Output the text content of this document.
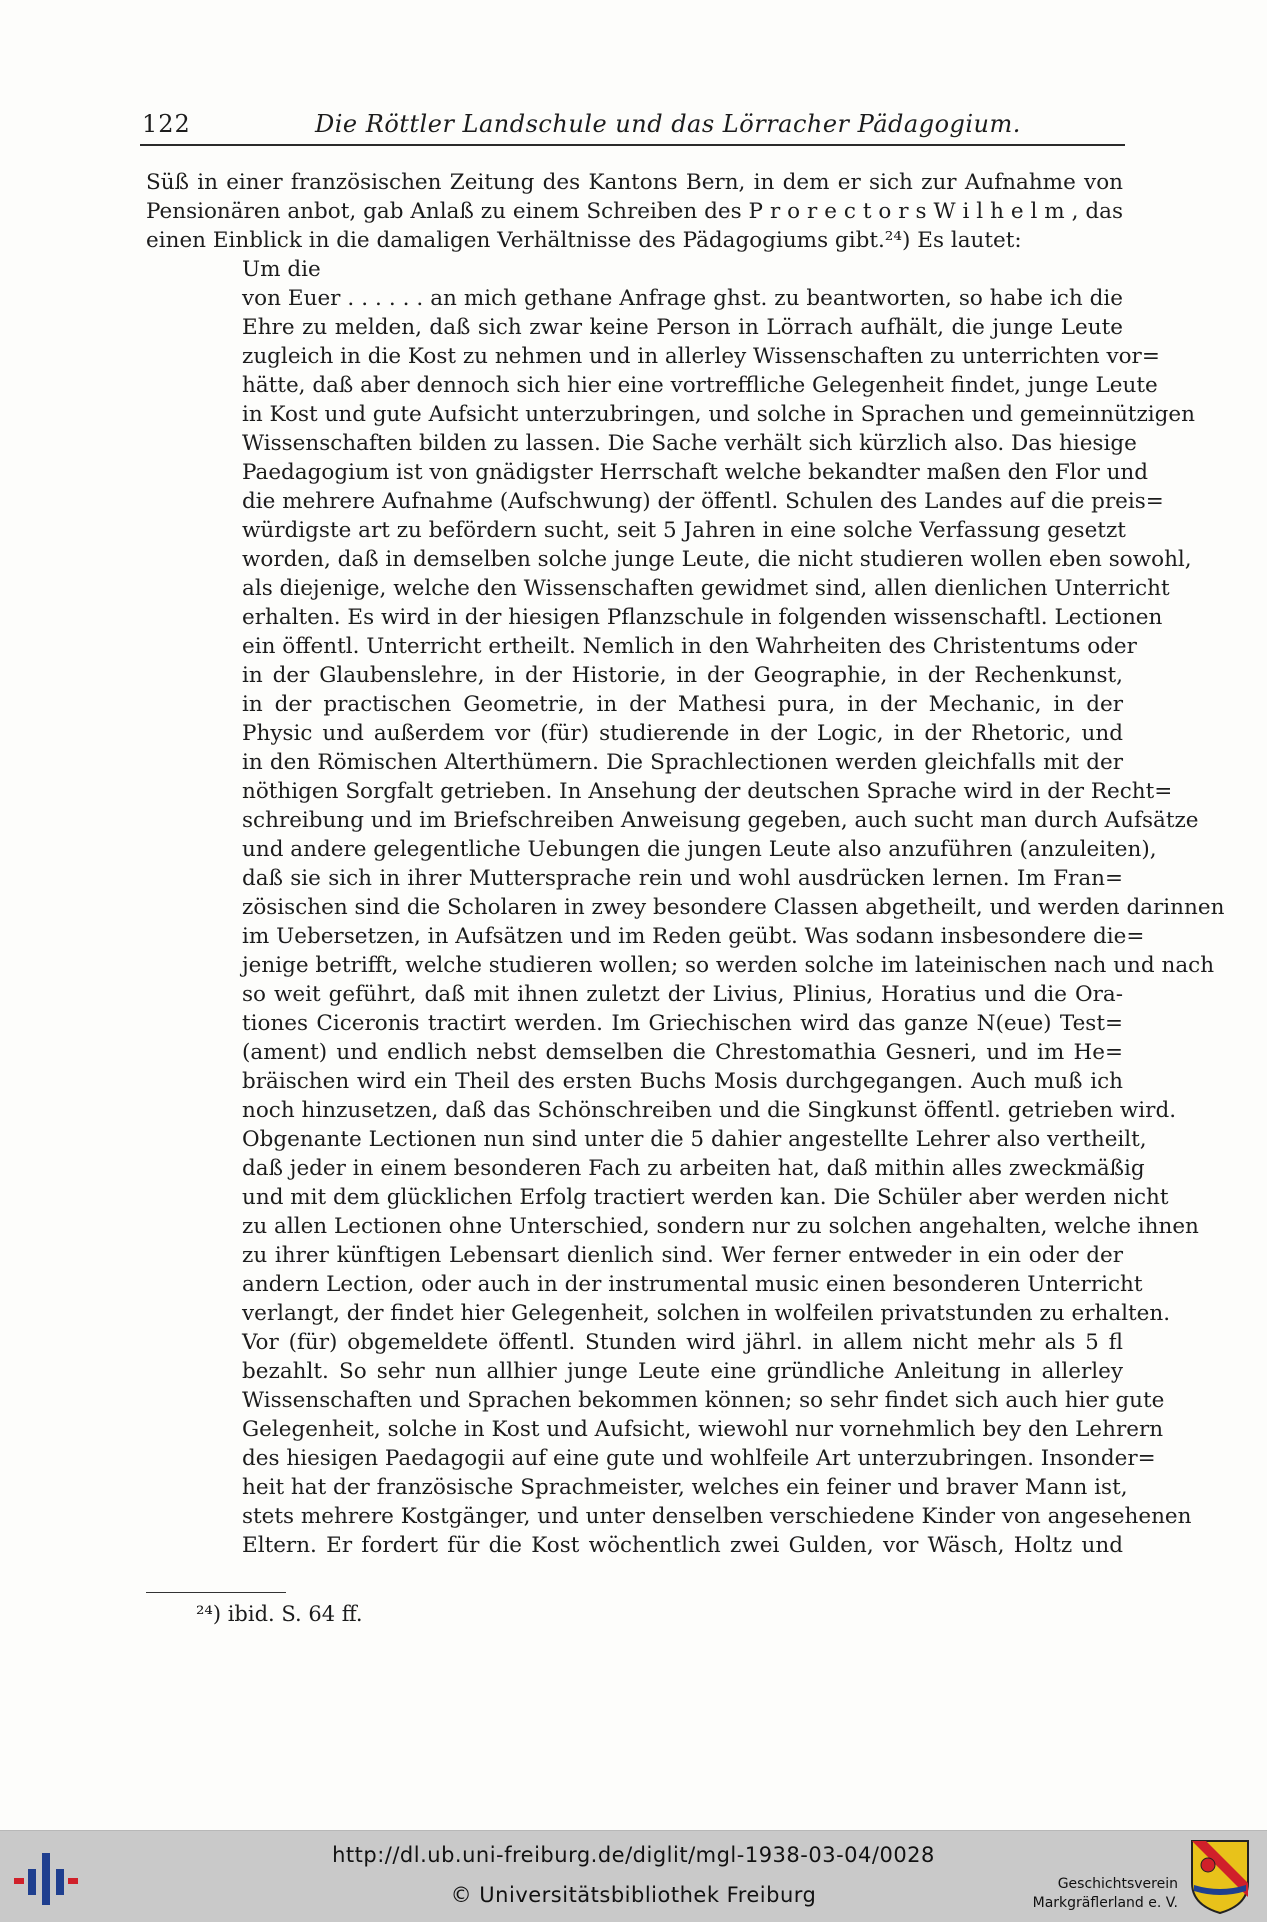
122	Die Röttler Landschule und das Lörracher Pädagogium.
Süß in einer französischen Zeitung des Kantons Bern, in dem er sich zur Aufnahme von
Pensionären anbot, gab Anlaß zu einem Schreiben des P r o r e c t o r s W i l h e l m , das
einen Einblick in die damaligen Verhältnisse des Pädagogiums gibt.²⁴) Es lautet:
Um die
von Euer . . . . . . an mich gethane Anfrage ghst. zu beantworten, so habe ich die
Ehre zu melden, daß sich zwar keine Person in Lörrach aufhält, die junge Leute
zugleich in die Kost zu nehmen und in allerley Wissenschaften zu unterrichten vor=
hätte, daß aber dennoch sich hier eine vortreffliche Gelegenheit findet, junge Leute
in Kost und gute Aufsicht unterzubringen, und solche in Sprachen und gemeinnützigen
Wissenschaften bilden zu lassen. Die Sache verhält sich kürzlich also. Das hiesige
Paedagogium ist von gnädigster Herrschaft welche bekandter maßen den Flor und
die mehrere Aufnahme (Aufschwung) der öffentl. Schulen des Landes auf die preis=
würdigste art zu befördern sucht, seit 5 Jahren in eine solche Verfassung gesetzt
worden, daß in demselben solche junge Leute, die nicht studieren wollen eben sowohl,
als diejenige, welche den Wissenschaften gewidmet sind, allen dienlichen Unterricht
erhalten. Es wird in der hiesigen Pflanzschule in folgenden wissenschaftl. Lectionen
ein öffentl. Unterricht ertheilt. Nemlich in den Wahrheiten des Christentums oder
in der Glaubenslehre, in der Historie, in der Geographie, in der Rechenkunst,
in der practischen Geometrie, in der Mathesi pura, in der Mechanic, in der
Physic und außerdem vor (für) studierende in der Logic, in der Rhetoric, und
in den Römischen Alterthümern. Die Sprachlectionen werden gleichfalls mit der
nöthigen Sorgfalt getrieben. In Ansehung der deutschen Sprache wird in der Recht=
schreibung und im Briefschreiben Anweisung gegeben, auch sucht man durch Aufsätze
und andere gelegentliche Uebungen die jungen Leute also anzuführen (anzuleiten),
daß sie sich in ihrer Muttersprache rein und wohl ausdrücken lernen. Im Fran=
zösischen sind die Scholaren in zwey besondere Classen abgetheilt, und werden darinnen
im Uebersetzen, in Aufsätzen und im Reden geübt. Was sodann insbesondere die=
jenige betrifft, welche studieren wollen; so werden solche im lateinischen nach und nach
so weit geführt, daß mit ihnen zuletzt der Livius, Plinius, Horatius und die Ora-
tiones Ciceronis tractirt werden. Im Griechischen wird das ganze N(eue) Test=
(ament) und endlich nebst demselben die Chrestomathia Gesneri, und im He=
bräischen wird ein Theil des ersten Buchs Mosis durchgegangen. Auch muß ich
noch hinzusetzen, daß das Schönschreiben und die Singkunst öffentl. getrieben wird.
Obgenante Lectionen nun sind unter die 5 dahier angestellte Lehrer also vertheilt,
daß jeder in einem besonderen Fach zu arbeiten hat, daß mithin alles zweckmäßig
und mit dem glücklichen Erfolg tractiert werden kan. Die Schüler aber werden nicht
zu allen Lectionen ohne Unterschied, sondern nur zu solchen angehalten, welche ihnen
zu ihrer künftigen Lebensart dienlich sind. Wer ferner entweder in ein oder der
andern Lection, oder auch in der instrumental music einen besonderen Unterricht
verlangt, der findet hier Gelegenheit, solchen in wolfeilen privatstunden zu erhalten.
Vor (für) obgemeldete öffentl. Stunden wird jährl. in allem nicht mehr als 5 fl
bezahlt. So sehr nun allhier junge Leute eine gründliche Anleitung in allerley
Wissenschaften und Sprachen bekommen können; so sehr findet sich auch hier gute
Gelegenheit, solche in Kost und Aufsicht, wiewohl nur vornehmlich bey den Lehrern
des hiesigen Paedagogii auf eine gute und wohlfeile Art unterzubringen. Insonder=
heit hat der französische Sprachmeister, welches ein feiner und braver Mann ist,
stets mehrere Kostgänger, und unter denselben verschiedene Kinder von angesehenen
Eltern. Er fordert für die Kost wöchentlich zwei Gulden, vor Wäsch, Holtz und
²⁴) ibid. S. 64 ff.
http://dl.ub.uni-freiburg.de/diglit/mgl-1938-03-04/0028
© Universitätsbibliothek Freiburg	Geschichtsverein
Markgräflerland e. V.
